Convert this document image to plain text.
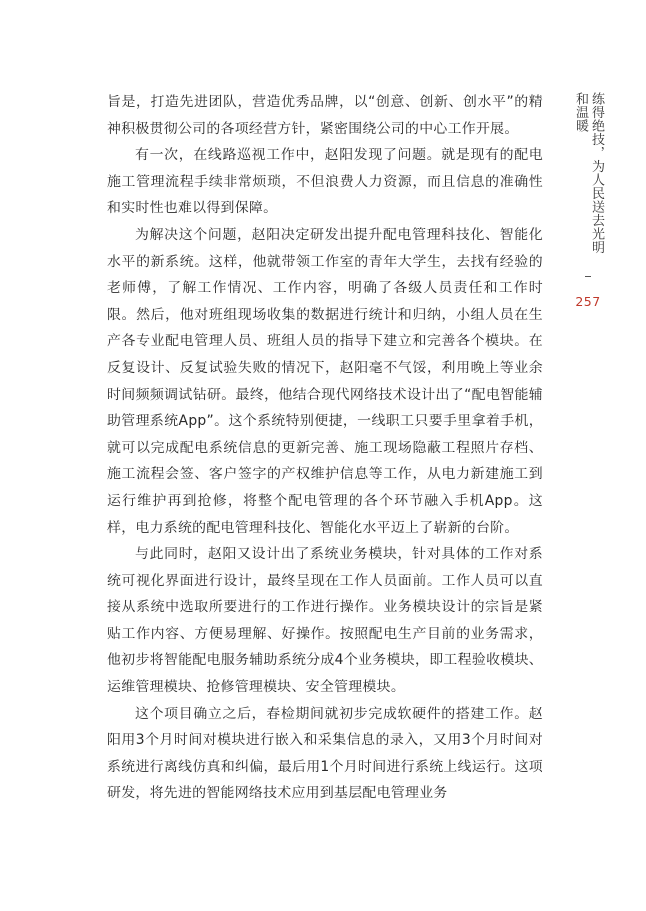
旨是，打造先进团队，营造优秀品牌，以“创意、创新、创水平”的精神积极贯彻公司的各项经营方针，紧密围绕公司的中心工作开展。

有一次，在线路巡视工作中，赵阳发现了问题。就是现有的配电施工管理流程手续非常烦琐，不但浪费人力资源，而且信息的准确性和实时性也难以得到保障。

为解决这个问题，赵阳决定研发出提升配电管理科技化、智能化水平的新系统。这样，他就带领工作室的青年大学生，去找有经验的老师傅，了解工作情况、工作内容，明确了各级人员责任和工作时限。然后，他对班组现场收集的数据进行统计和归纳，小组人员在生产各专业配电管理人员、班组人员的指导下建立和完善各个模块。在反复设计、反复试验失败的情况下，赵阳毫不气馁，利用晚上等业余时间频频调试钻研。最终，他结合现代网络技术设计出了“配电智能辅助管理系统App”。这个系统特别便捷，一线职工只要手里拿着手机，就可以完成配电系统信息的更新完善、施工现场隐蔽工程照片存档、施工流程会签、客户签字的产权维护信息等工作，从电力新建施工到运行维护再到抢修，将整个配电管理的各个环节融入手机App。这样，电力系统的配电管理科技化、智能化水平迈上了崭新的台阶。

与此同时，赵阳又设计出了系统业务模块，针对具体的工作对系统可视化界面进行设计，最终呈现在工作人员面前。工作人员可以直接从系统中选取所要进行的工作进行操作。业务模块设计的宗旨是紧贴工作内容、方便易理解、好操作。按照配电生产目前的业务需求，他初步将智能配电服务辅助系统分成4个业务模块，即工程验收模块、运维管理模块、抢修管理模块、安全管理模块。

这个项目确立之后，春检期间就初步完成软硬件的搭建工作。赵阳用3个月时间对模块进行嵌入和采集信息的录入，又用3个月时间对系统进行离线仿真和纠偏，最后用1个月时间进行系统上线运行。这项研发，将先进的智能网络技术应用到基层配电管理业务

练得绝技，为人民送去光明和温暖
257
